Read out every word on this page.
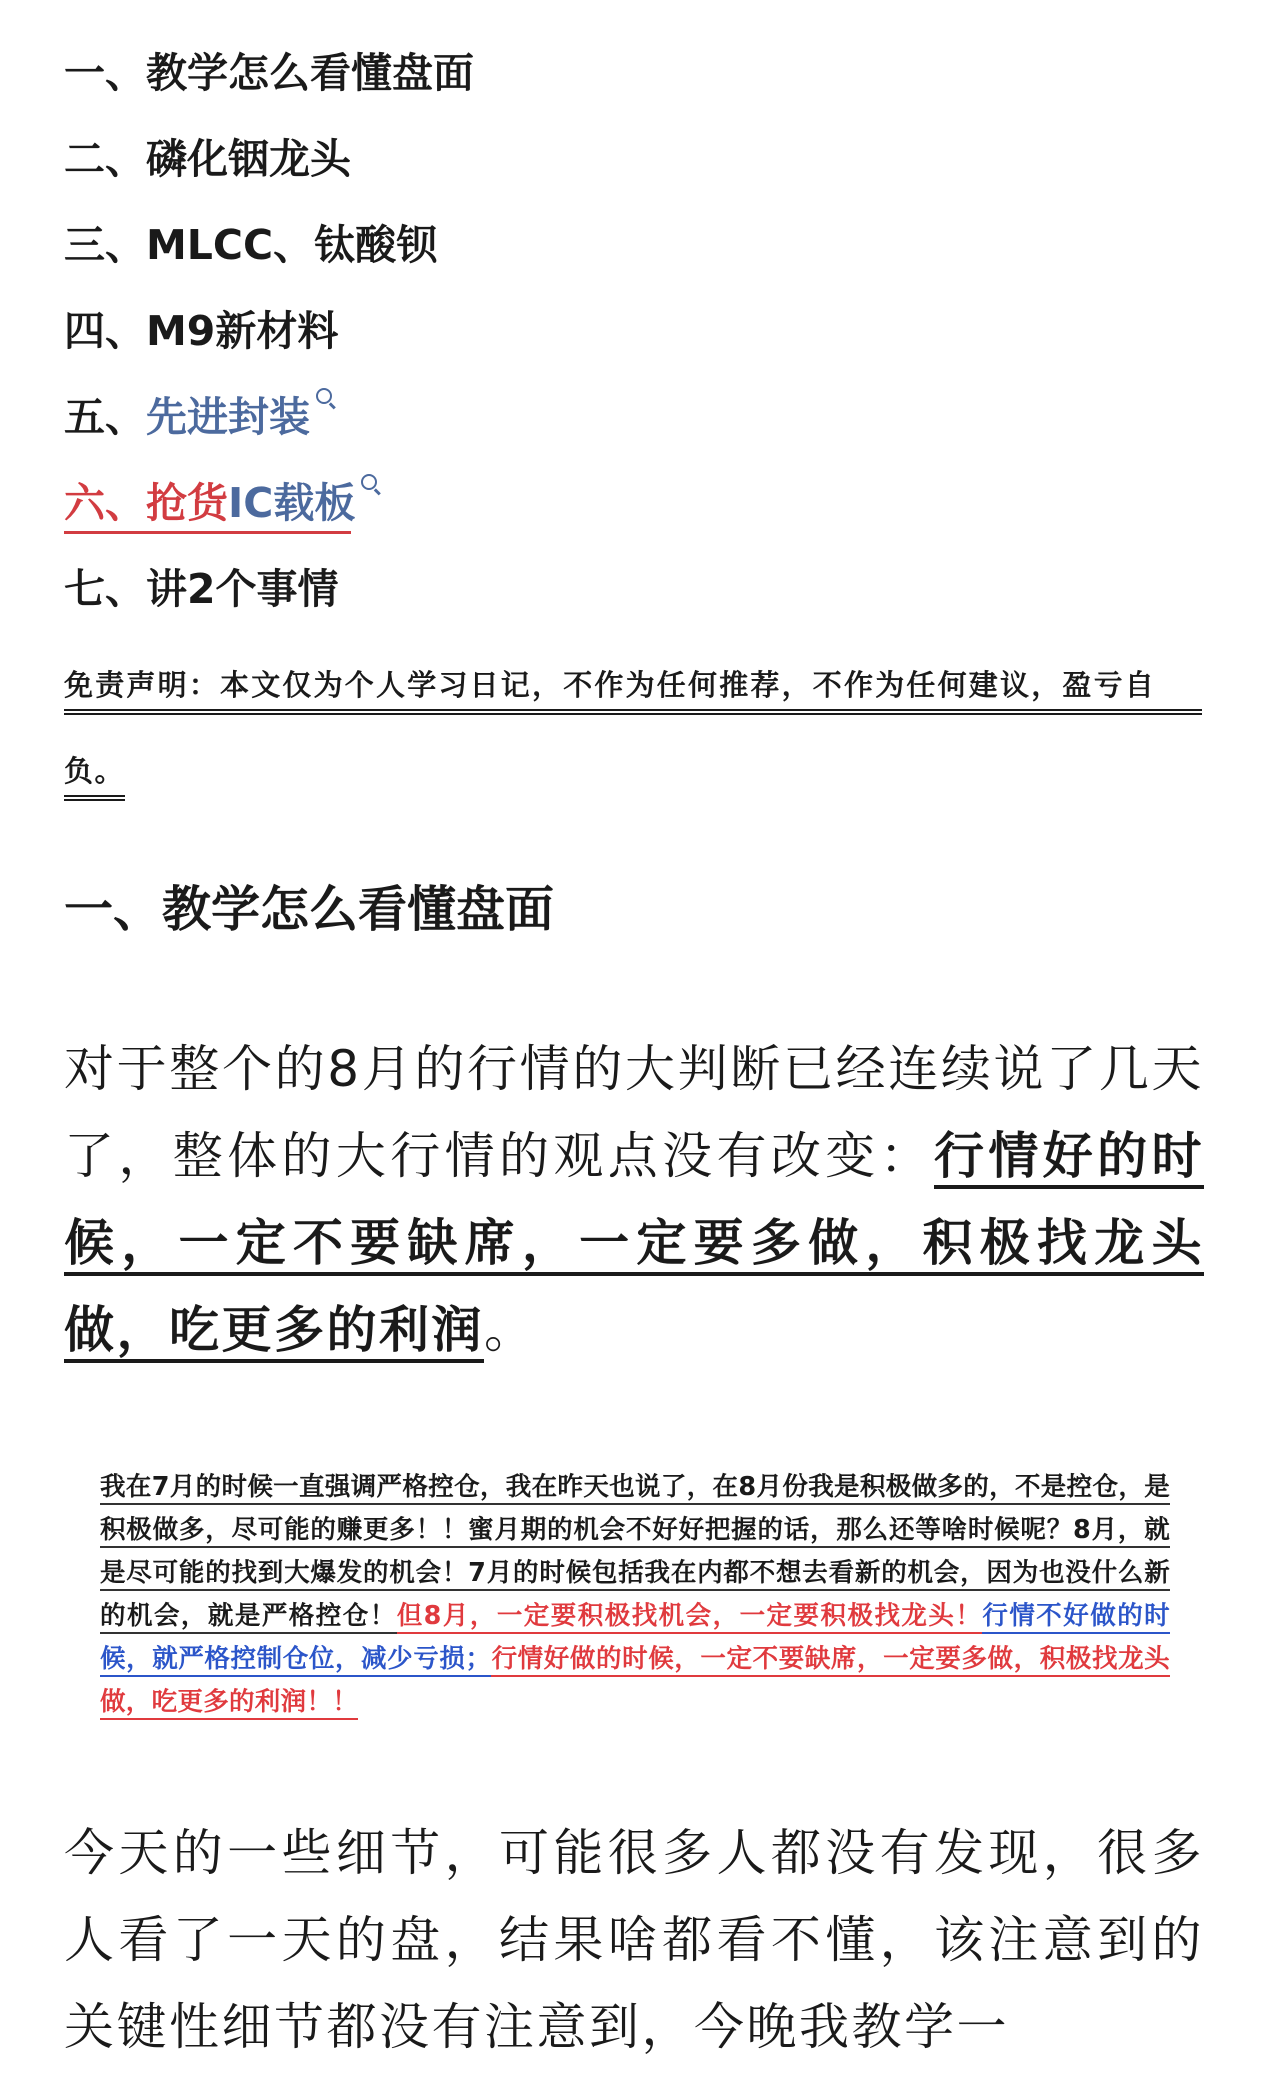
一、教学怎么看懂盘面
二、磷化铟龙头
三、MLCC、钛酸钡
四、M9新材料
五、先进封装
六、抢货IC载板
七、讲2个事情
免责声明：本文仅为个人学习日记，不作为任何推荐，不作为任何建议，盈亏自
负。
一、教学怎么看懂盘面
对于整个的8月的行情的大判断已经连续说了几天了，整体的大行情的观点没有改变：行情好的时候，一定不要缺席，一定要多做，积极找龙头做，吃更多的利润。
我在7月的时候一直强调严格控仓，我在昨天也说了，在8月份我是积极做多的，不是控仓，是积极做多，尽可能的赚更多！！蜜月期的机会不好好把握的话，那么还等啥时候呢？8月，就是尽可能的找到大爆发的机会！7月的时候包括我在内都不想去看新的机会，因为也没什么新的机会，就是严格控仓！但8月，一定要积极找机会，一定要积极找龙头！行情不好做的时候，就严格控制仓位，减少亏损；行情好做的时候，一定不要缺席，一定要多做，积极找龙头做，吃更多的利润！！
今天的一些细节，可能很多人都没有发现，很多人看了一天的盘，结果啥都看不懂，该注意到的关键性细节都没有注意到，今晚我教学一
